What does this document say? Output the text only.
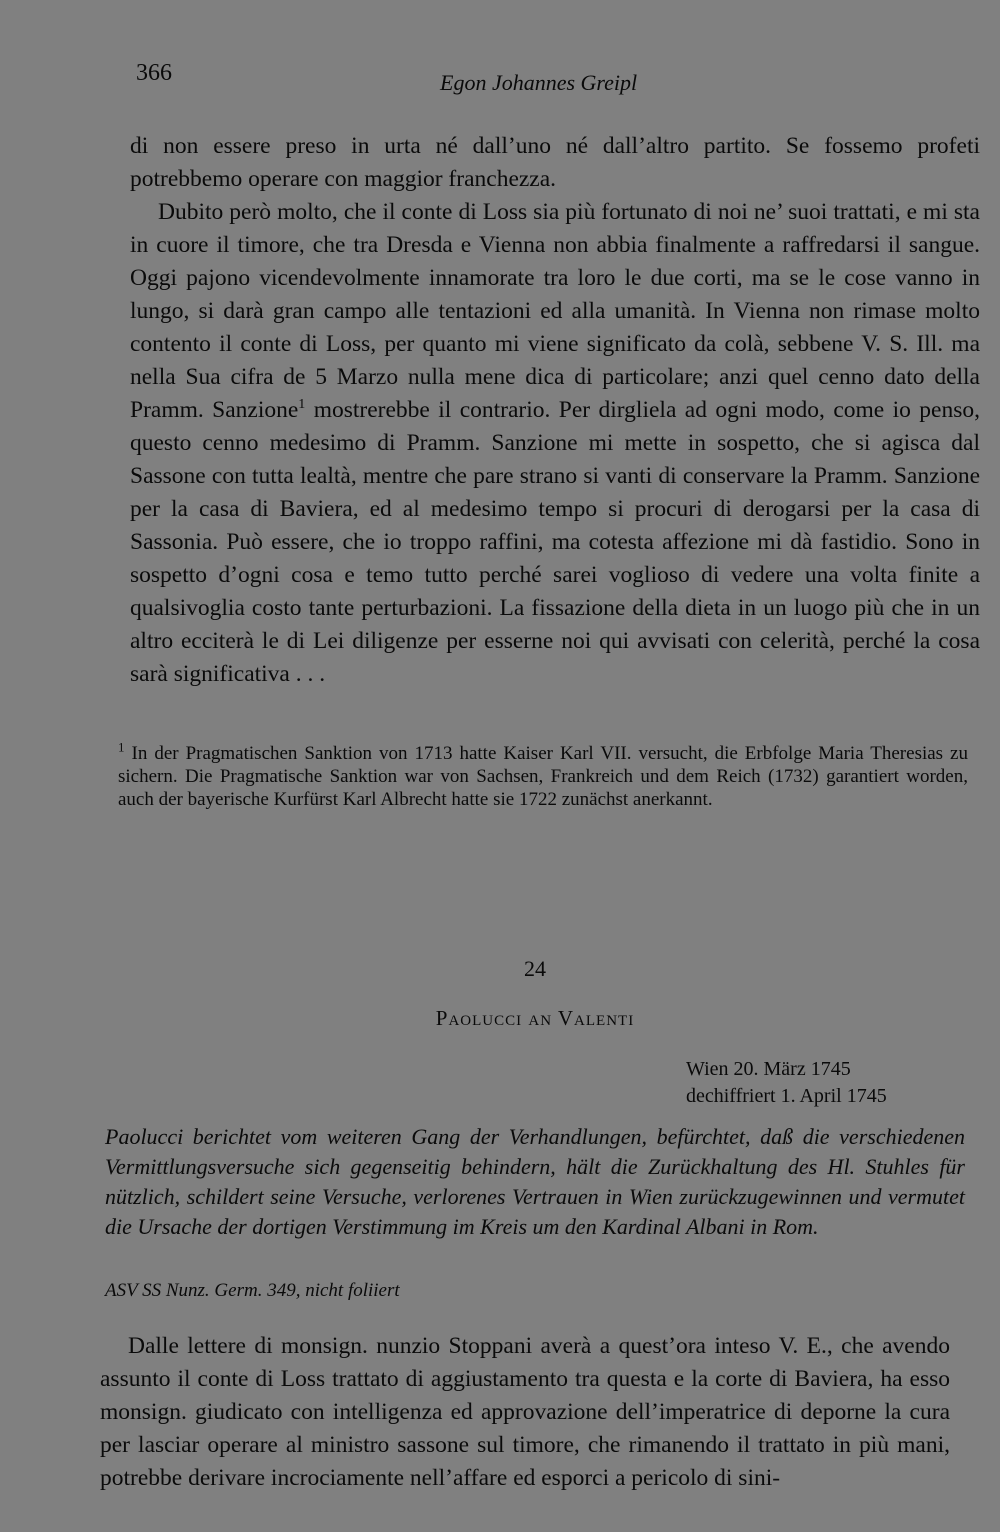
366	Egon Johannes Greipl

di non essere preso in urta né dall’uno né dall’altro partito. Se fossemo profeti potrebbemo operare con maggior franchezza.

Dubito però molto, che il conte di Loss sia più fortunato di noi ne’ suoi trattati, e mi sta in cuore il timore, che tra Dresda e Vienna non abbia finalmente a raffredarsi il sangue. Oggi pajono vicendevolmente innamorate tra loro le due corti, ma se le cose vanno in lungo, si darà gran campo alle tentazioni ed alla umanità. In Vienna non rimase molto contento il conte di Loss, per quanto mi viene significato da colà, sebbene V. S. Ill. ma nella Sua cifra de 5 Marzo nulla mene dica di particolare; anzi quel cenno dato della Pramm. Sanzione$^1$ mostrerebbe il contrario. Per dirgliela ad ogni modo, come io penso, questo cenno medesimo di Pramm. Sanzione mi mette in sospetto, che si agisca dal Sassone con tutta lealtà, mentre che pare strano si vanti di conservare la Pramm. Sanzione per la casa di Baviera, ed al medesimo tempo si procuri di derogarsi per la casa di Sassonia. Può essere, che io troppo raffini, ma cotesta affezione mi dà fastidio. Sono in sospetto d’ogni cosa e temo tutto perché sarei voglioso di vedere una volta finite a qualsivoglia costo tante perturbazioni. La fissazione della dieta in un luogo più che in un altro ecciterà le di Lei diligenze per esserne noi qui avvisati con celerità, perché la cosa sarà significativa . . .

$^1$ In der Pragmatischen Sanktion von 1713 hatte Kaiser Karl VII. versucht, die Erbfolge Maria Theresias zu sichern. Die Pragmatische Sanktion war von Sachsen, Frankreich und dem Reich (1732) garantiert worden, auch der bayerische Kurfürst Karl Albrecht hatte sie 1722 zunächst anerkannt.
24
Paolucci an Valenti
Wien 20. März 1745
dechiffriert 1. April 1745

Paolucci berichtet vom weiteren Gang der Verhandlungen, befürchtet, daß die verschiedenen Vermittlungsversuche sich gegenseitig behindern, hält die Zurückhaltung des Hl. Stuhles für nützlich, schildert seine Versuche, verlorenes Vertrauen in Wien zurückzugewinnen und vermutet die Ursache der dortigen Verstimmung im Kreis um den Kardinal Albani in Rom.

ASV SS Nunz. Germ. 349, nicht foliiert

Dalle lettere di monsign. nunzio Stoppani averà a quest’ora inteso V. E., che avendo assunto il conte di Loss trattato di aggiustamento tra questa e la corte di Baviera, ha esso monsign. giudicato con intelligenza ed approvazione dell’imperatrice di deporne la cura per lasciar operare al ministro sassone sul timore, che rimanendo il trattato in più mani, potrebbe derivare incrociamente nell’affare ed esporci a pericolo di sini-
